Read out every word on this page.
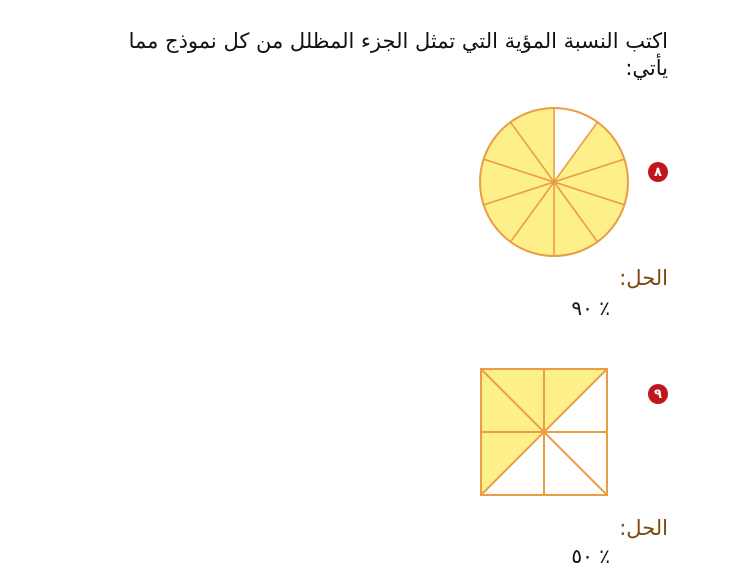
اكتب النسبة المؤية التي تمثل الجزء المظلل من كل نموذج مما يأتي:
٨
الحل:
٪ ٩٠
٩
الحل:
٪ ٥٠
